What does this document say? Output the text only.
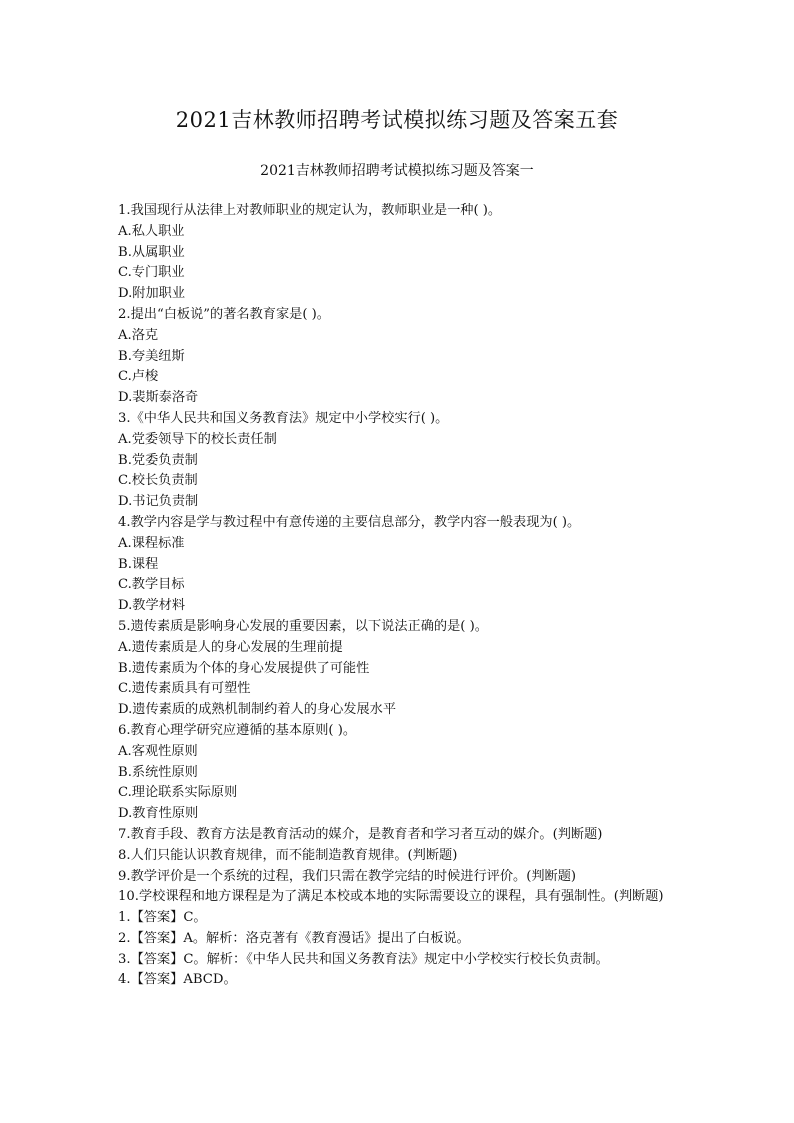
2021吉林教师招聘考试模拟练习题及答案五套
2021吉林教师招聘考试模拟练习题及答案一
1.我国现行从法律上对教师职业的规定认为，教师职业是一种( )。
A.私人职业
B.从属职业
C.专门职业
D.附加职业
2.提出“白板说”的著名教育家是( )。
A.洛克
B.夸美纽斯
C.卢梭
D.裴斯泰洛奇
3.《中华人民共和国义务教育法》规定中小学校实行( )。
A.党委领导下的校长责任制
B.党委负责制
C.校长负责制
D.书记负责制
4.教学内容是学与教过程中有意传递的主要信息部分，教学内容一般表现为( )。
A.课程标准
B.课程
C.教学目标
D.教学材料
5.遗传素质是影响身心发展的重要因素，以下说法正确的是( )。
A.遗传素质是人的身心发展的生理前提
B.遗传素质为个体的身心发展提供了可能性
C.遗传素质具有可塑性
D.遗传素质的成熟机制制约着人的身心发展水平
6.教育心理学研究应遵循的基本原则( )。
A.客观性原则
B.系统性原则
C.理论联系实际原则
D.教育性原则
7.教育手段、教育方法是教育活动的媒介，是教育者和学习者互动的媒介。(判断题)
8.人们只能认识教育规律，而不能制造教育规律。(判断题)
9.教学评价是一个系统的过程，我们只需在教学完结的时候进行评价。(判断题)
10.学校课程和地方课程是为了满足本校或本地的实际需要设立的课程，具有强制性。(判断题)
1.【答案】C。
2.【答案】A。解析：洛克著有《教育漫话》提出了白板说。
3.【答案】C。解析：《中华人民共和国义务教育法》规定中小学校实行校长负责制。
4.【答案】ABCD。
